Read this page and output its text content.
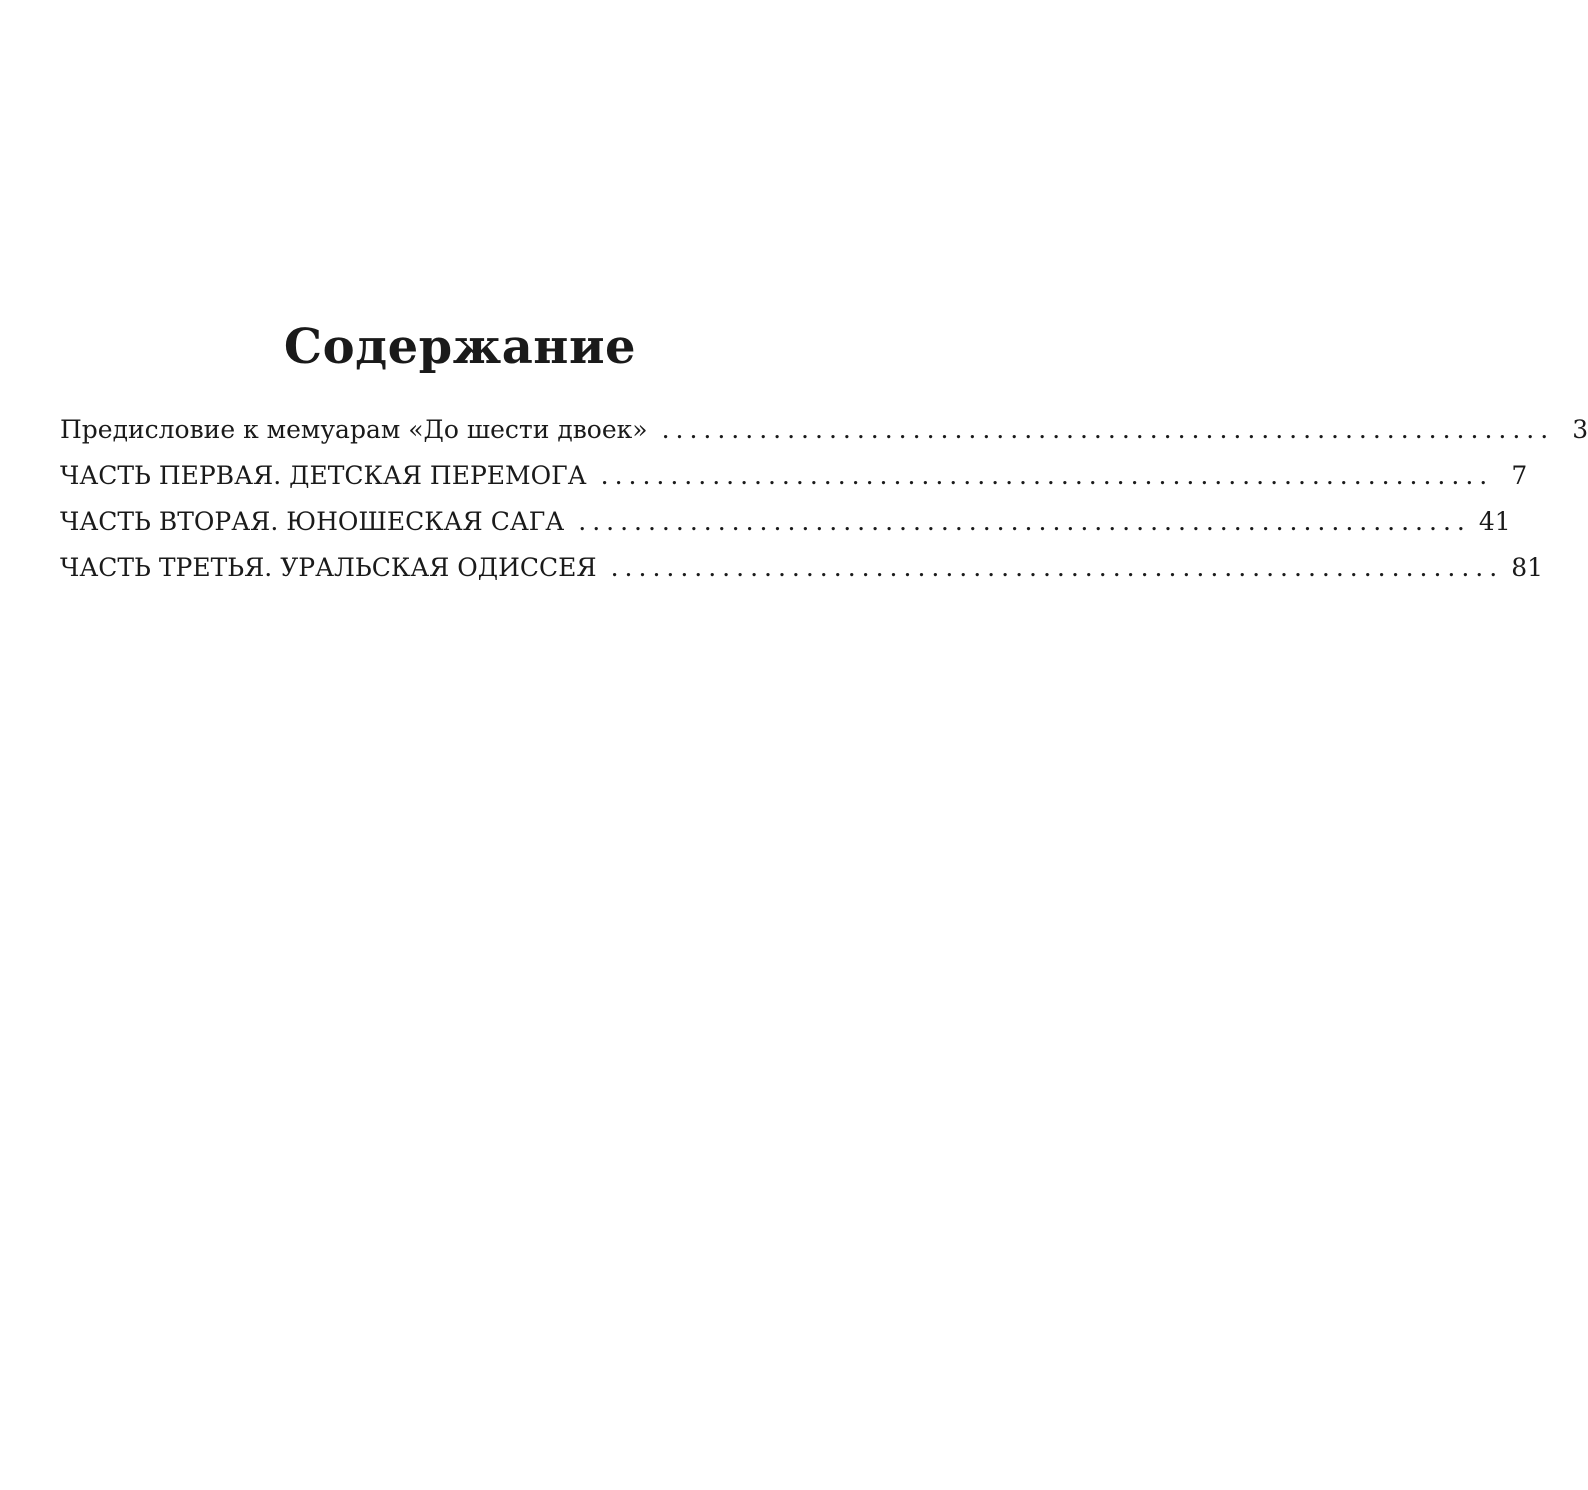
Содержание
Предисловие к мемуарам «До шести двоек» ................................................................ 3
ЧАСТЬ ПЕРВАЯ. ДЕТСКАЯ ПЕРЕМОГА ................................................................ 7
ЧАСТЬ ВТОРАЯ. ЮНОШЕСКАЯ САГА ................................................................ 41
ЧАСТЬ ТРЕТЬЯ. УРАЛЬСКАЯ ОДИССЕЯ ................................................................ 81
